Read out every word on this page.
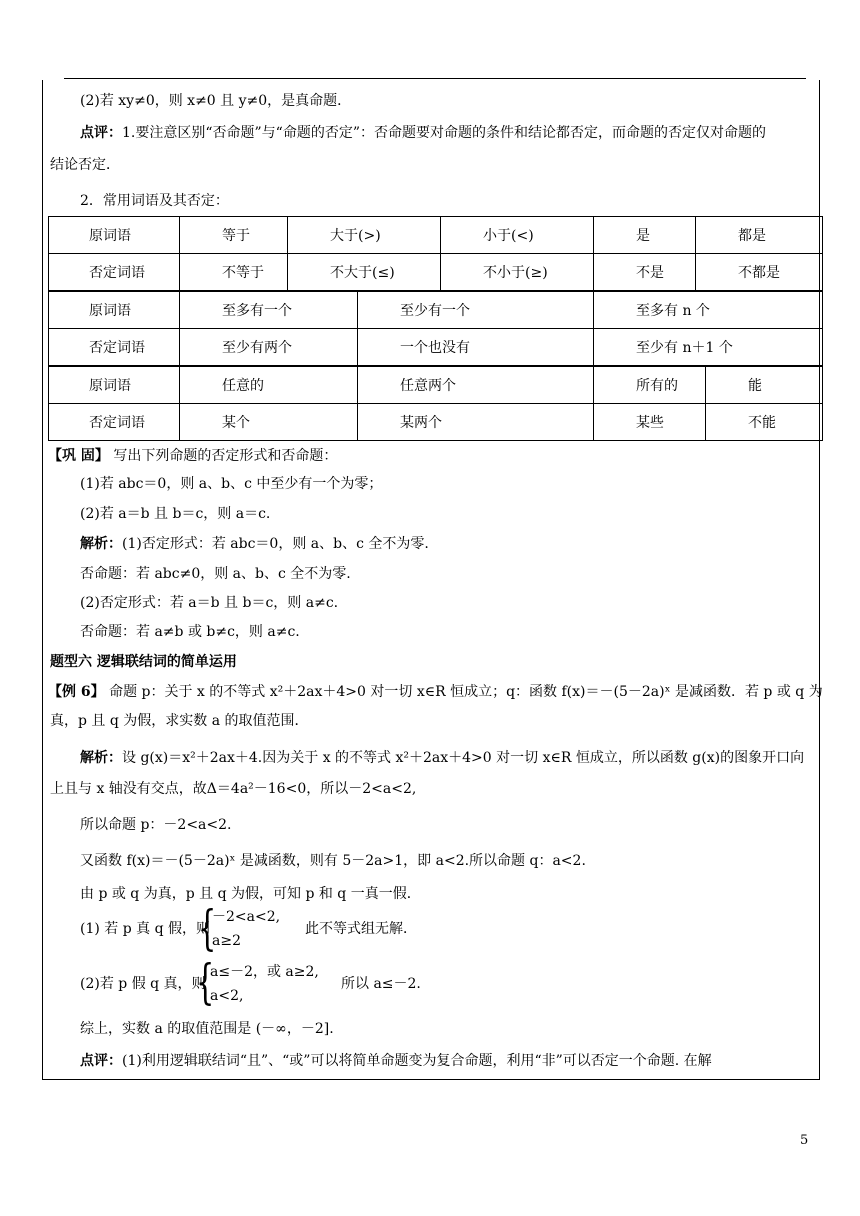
(2)若 xy≠0，则 x≠0 且 y≠0，是真命题．
点评：1.要注意区别“否命题”与“命题的否定”：否命题要对命题的条件和结论都否定，而命题的否定仅对命题的
结论否定．
2．常用词语及其否定：
原词语	等于	大于(>)	小于(<)	是	都是
否定词语	不等于	不大于(≤)	不小于(≥)	不是	不都是
原词语	至多有一个	至少有一个	至多有 n 个
否定词语	至少有两个	一个也没有	至少有 n＋1 个
原词语	任意的	任意两个	所有的	能
否定词语	某个	某两个	某些	不能
【巩 固】 写出下列命题的否定形式和否命题：
(1)若 abc＝0，则 a、b、c 中至少有一个为零；
(2)若 a＝b 且 b＝c，则 a＝c.
解析：(1)否定形式：若 abc＝0，则 a、b、c 全不为零.
否命题：若 abc≠0，则 a、b、c 全不为零.
(2)否定形式：若 a＝b 且 b＝c，则 a≠c.
否命题：若 a≠b 或 b≠c，则 a≠c.
题型六 逻辑联结词的简单运用
【例 6】 命题 p：关于 x 的不等式 x²＋2ax＋4>0 对一切 x∈R 恒成立；q：函数 f(x)＝－(5－2a)ˣ 是减函数．若 p 或 q 为
真，p 且 q 为假，求实数 a 的取值范围．
解析：设 g(x)＝x²＋2ax＋4.因为关于 x 的不等式 x²＋2ax＋4>0 对一切 x∈R 恒成立，所以函数 g(x)的图象开口向
上且与 x 轴没有交点，故Δ＝4a²－16<0，所以－2<a<2,
所以命题 p：－2<a<2.
又函数 f(x)＝－(5－2a)ˣ 是减函数，则有 5－2a>1，即 a<2.所以命题 q：a<2.
由 p 或 q 为真，p 且 q 为假，可知 p 和 q 一真一假．
(1) 若 p 真 q 假，则
{
－2<a<2,
a≥2
此不等式组无解．
(2)若 p 假 q 真，则
{
a≤－2，或 a≥2,
a<2,
所以 a≤－2.
综上，实数 a 的取值范围是 (－∞，－2].
点评：(1)利用逻辑联结词“且”、“或”可以将简单命题变为复合命题，利用“非”可以否定一个命题. 在解
5
